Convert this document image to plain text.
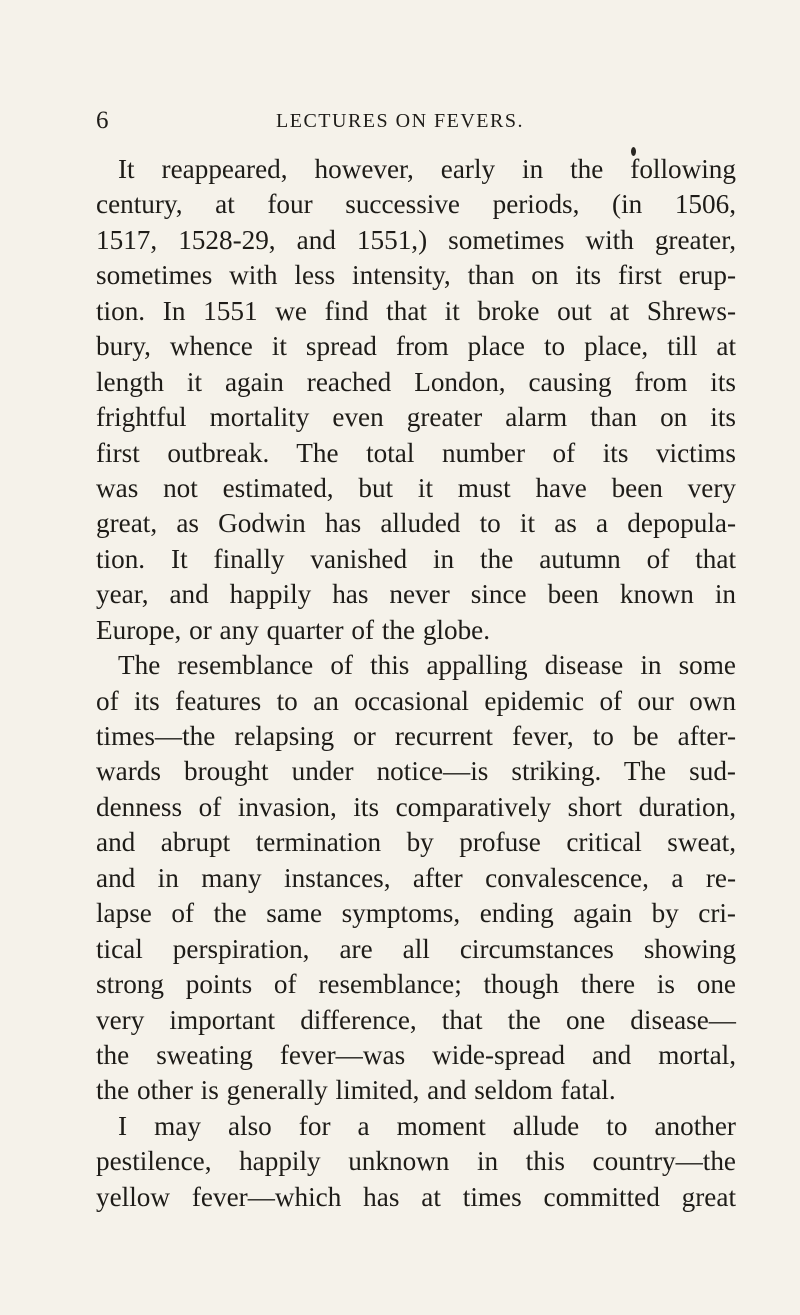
6	LECTURES ON FEVERS.
It reappeared, however, early in the following
century, at four successive periods, (in 1506,
1517, 1528-29, and 1551,) sometimes with greater,
sometimes with less intensity, than on its first erup-
tion. In 1551 we find that it broke out at Shrews-
bury, whence it spread from place to place, till at
length it again reached London, causing from its
frightful mortality even greater alarm than on its
first outbreak. The total number of its victims
was not estimated, but it must have been very
great, as Godwin has alluded to it as a depopula-
tion. It finally vanished in the autumn of that
year, and happily has never since been known in
Europe, or any quarter of the globe.
The resemblance of this appalling disease in some
of its features to an occasional epidemic of our own
times—the relapsing or recurrent fever, to be after-
wards brought under notice—is striking. The sud-
denness of invasion, its comparatively short duration,
and abrupt termination by profuse critical sweat,
and in many instances, after convalescence, a re-
lapse of the same symptoms, ending again by cri-
tical perspiration, are all circumstances showing
strong points of resemblance; though there is one
very important difference, that the one disease—
the sweating fever—was wide-spread and mortal,
the other is generally limited, and seldom fatal.
I may also for a moment allude to another
pestilence, happily unknown in this country—the
yellow fever—which has at times committed great
